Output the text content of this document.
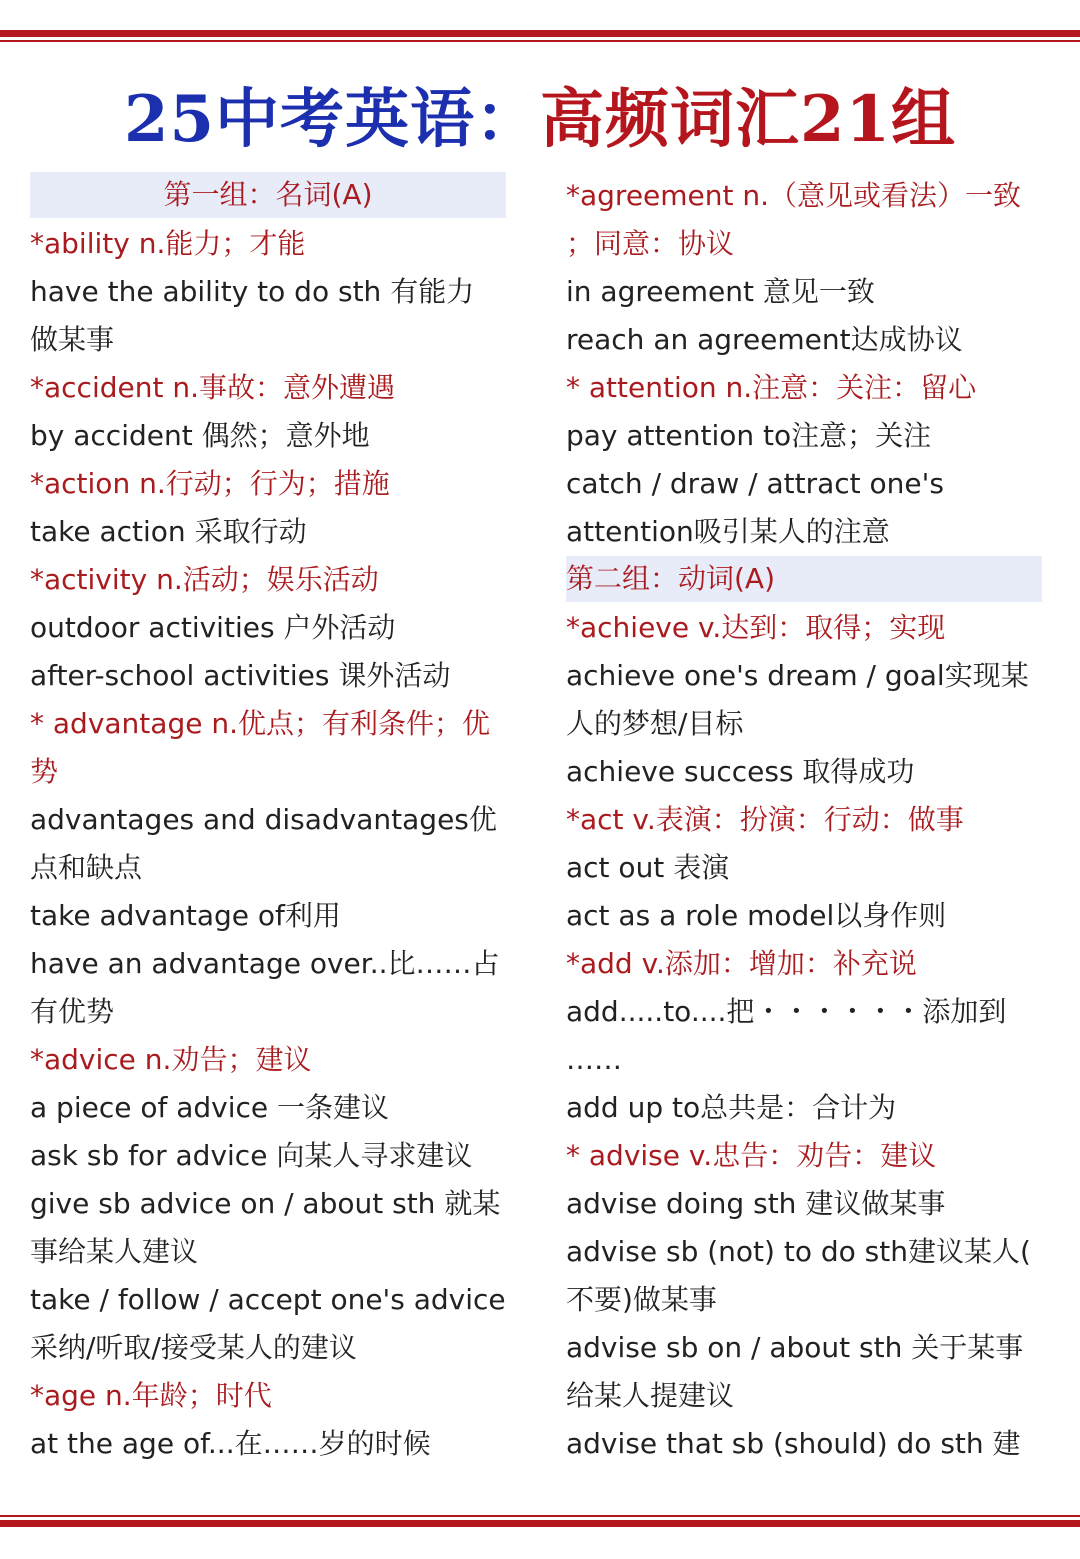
25中考英语：高频词汇21组
第一组：名词(A)
*ability n.能力；才能
have the ability to do sth 有能力
做某事
*accident n.事故：意外遭遇
by accident 偶然；意外地
*action n.行动；行为；措施
take action 采取行动
*activity n.活动；娱乐活动
outdoor activities 户外活动
after-school activities 课外活动
* advantage n.优点；有利条件；优
势
advantages and disadvantages优
点和缺点
take advantage of利用
have an advantage over..比……占
有优势
*advice n.劝告；建议
a piece of advice 一条建议
ask sb for advice 向某人寻求建议
give sb advice on / about sth 就某
事给某人建议
take / follow / accept one's advice
采纳/听取/接受某人的建议
*age n.年龄；时代
at the age of...在……岁的时候
*agreement n.（意见或看法）一致
；同意：协议
in agreement 意见一致
reach an agreement达成协议
* attention n.注意：关注：留心
pay attention to注意；关注
catch / draw / attract one's
attention吸引某人的注意
第二组：动词(A)
*achieve v.达到：取得；实现
achieve one's dream / goal实现某
人的梦想/目标
achieve success 取得成功
*act v.表演：扮演：行动：做事
act out 表演
act as a role model以身作则
*add v.添加：增加：补充说
add.....to....把・・・・・・添加到
……
add up to总共是：合计为
* advise v.忠告：劝告：建议
advise doing sth 建议做某事
advise sb (not) to do sth建议某人(
不要)做某事
advise sb on / about sth 关于某事
给某人提建议
advise that sb (should) do sth 建
